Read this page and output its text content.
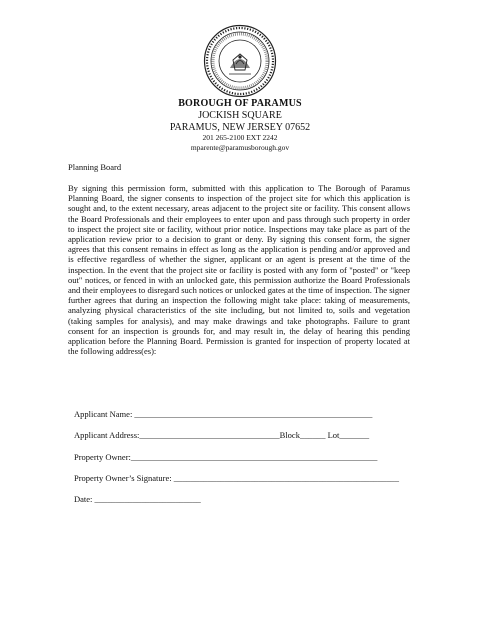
BOROUGH OF PARAMUS
JOCKISH SQUARE
PARAMUS, NEW JERSEY 07652
201 265-2100 EXT 2242
mparente@paramusborough.gov
Planning Board
By signing this permission form, submitted with this application to The Borough of Paramus Planning Board, the signer consents to inspection of the project site for which this application is sought and, to the extent necessary, areas adjacent to the project site or facility. This consent allows the Board Professionals and their employees to enter upon and pass through such property in order to inspect the project site or facility, without prior notice. Inspections may take place as part of the application review prior to a decision to grant or deny. By signing this consent form, the signer agrees that this consent remains in effect as long as the application is pending and/or approved and is effective regardless of whether the signer, applicant or an agent is present at the time of the inspection. In the event that the project site or facility is posted with any form of "posted" or "keep out" notices, or fenced in with an unlocked gate, this permission authorize the Board Professionals and their employees to disregard such notices or unlocked gates at the time of inspection. The signer further agrees that during an inspection the following might take place: taking of measurements, analyzing physical characteristics of the site including, but not limited to, soils and vegetation (taking samples for analysis), and may make drawings and take photographs. Failure to grant consent for an inspection is grounds for, and may result in, the delay of hearing this pending application before the Planning Board. Permission is granted for inspection of property located at the following address(es):
Applicant Name: ________________________________________________________
Applicant Address:_________________________________Block______ Lot_______
Property Owner:__________________________________________________________
Property Owner’s Signature: _____________________________________________________
Date: _________________________
